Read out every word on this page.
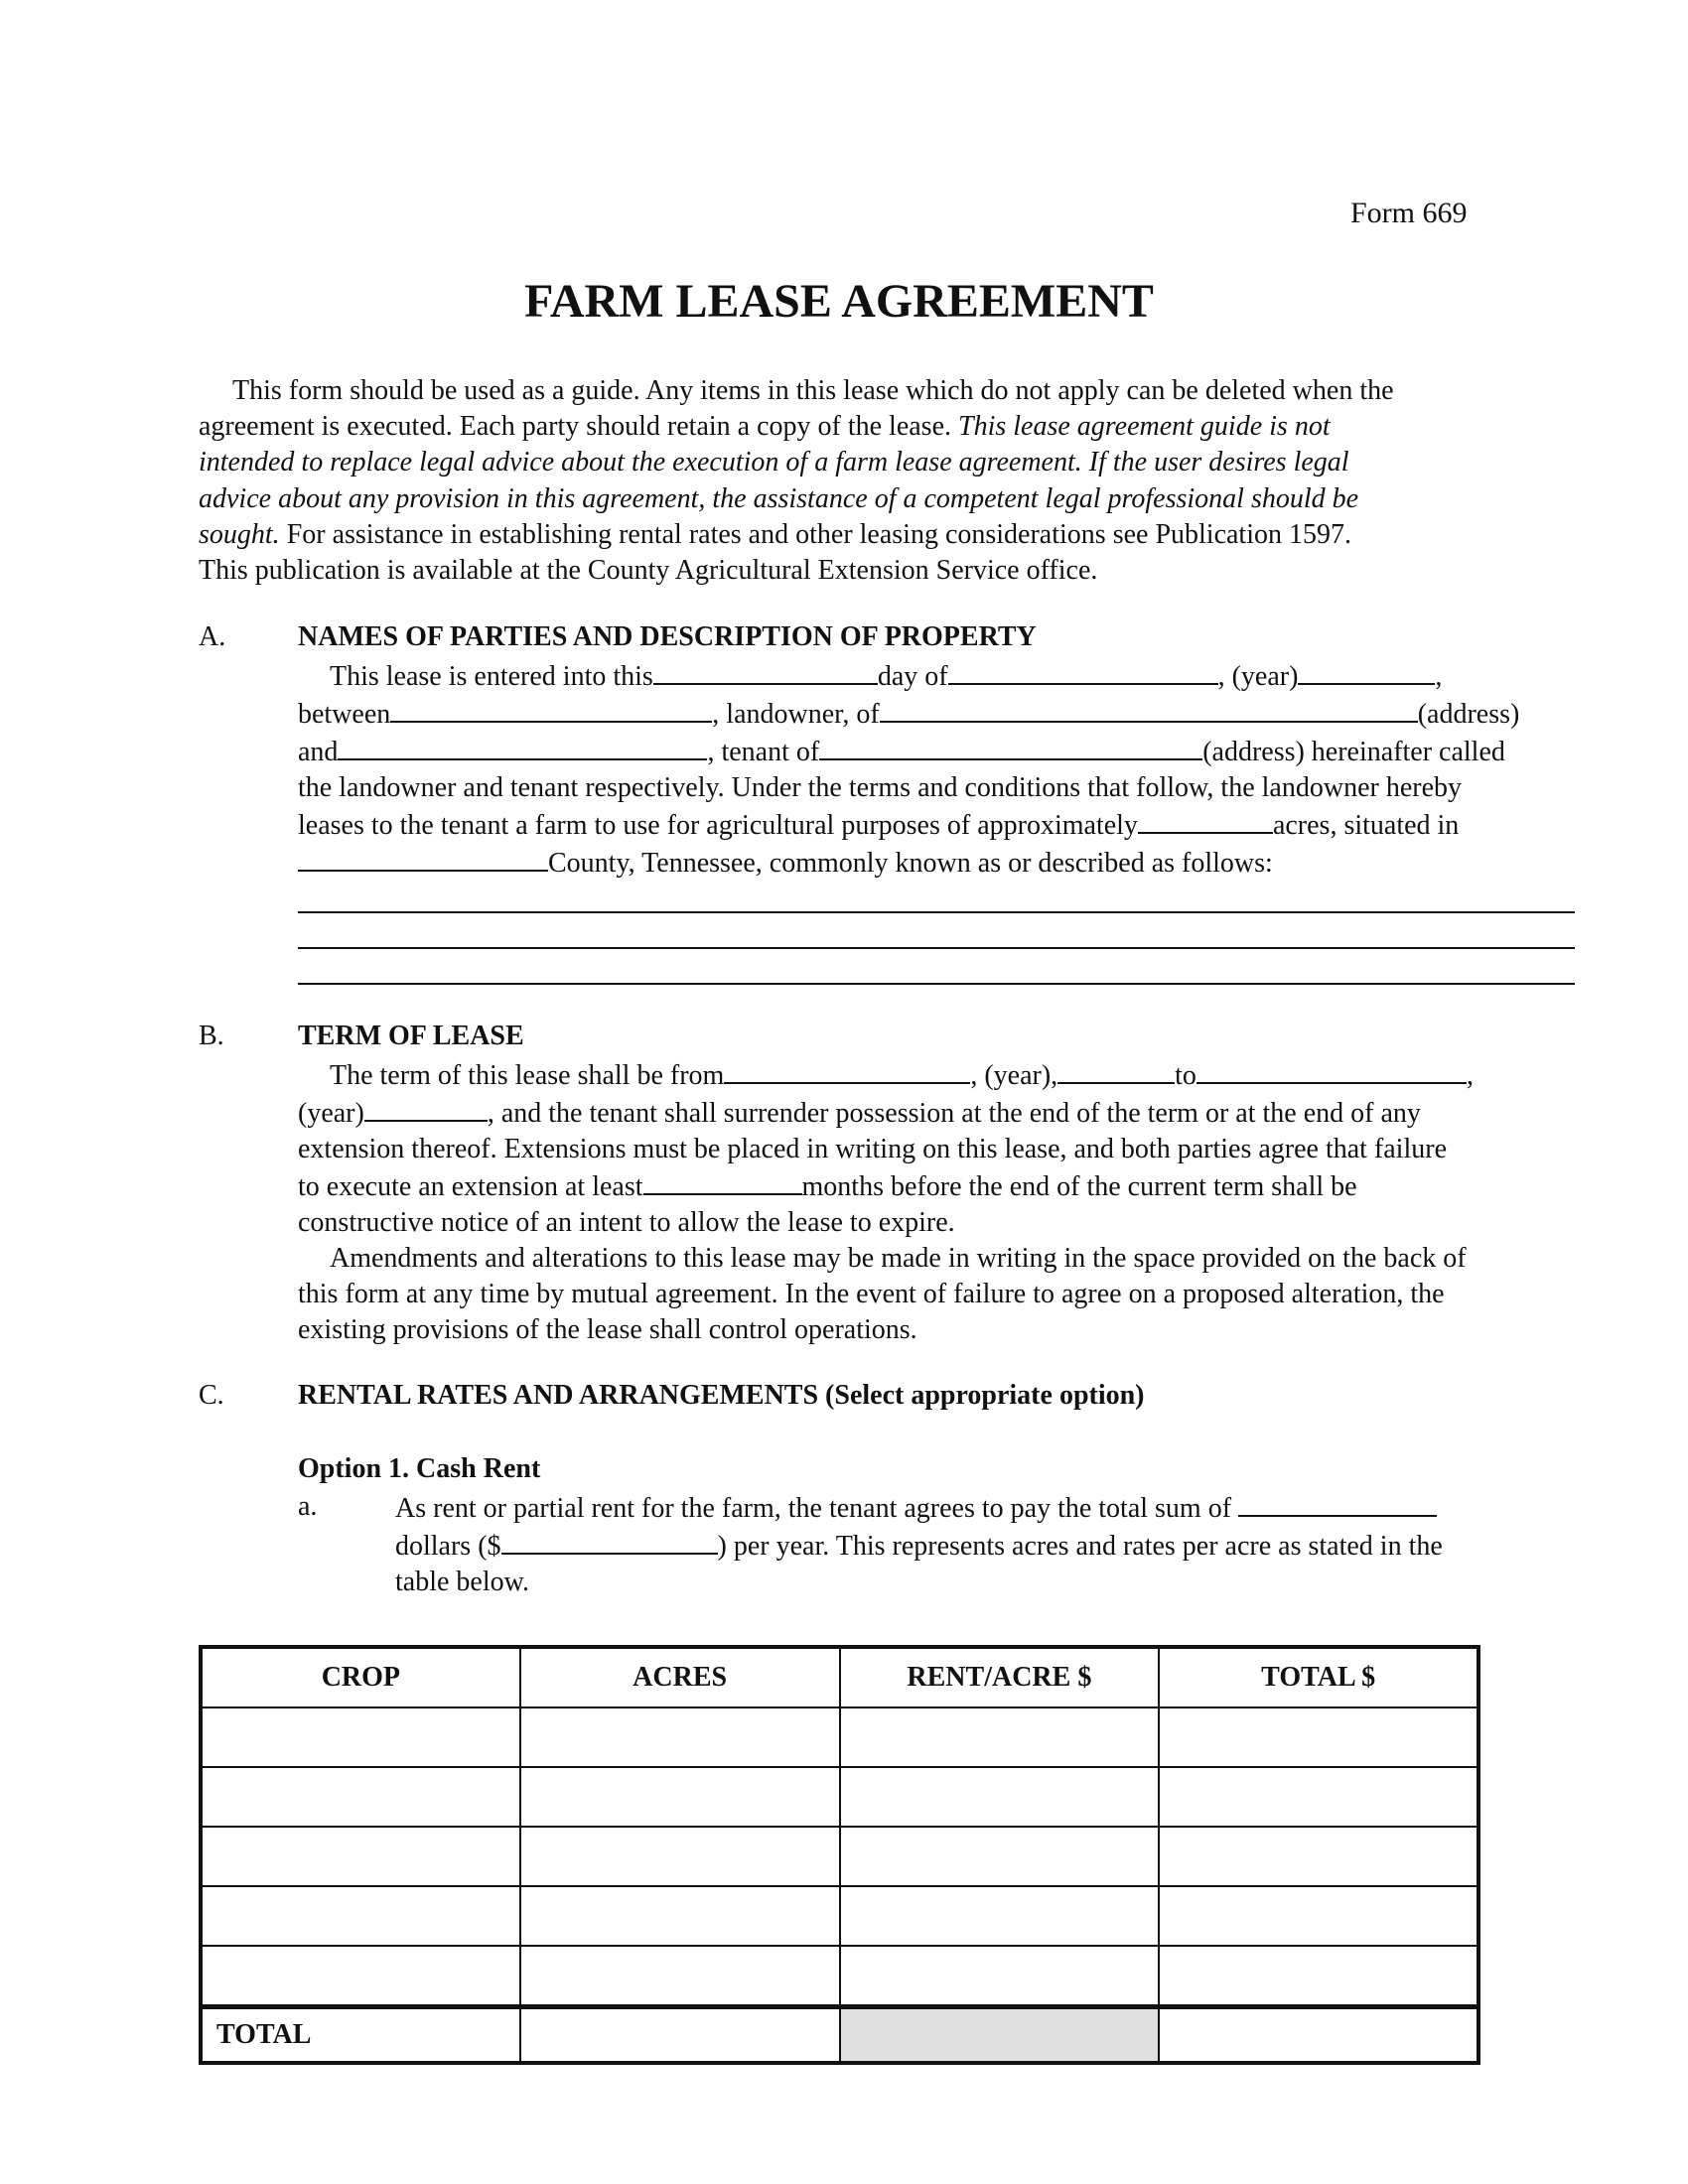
Form 669
FARM LEASE AGREEMENT
This form should be used as a guide. Any items in this lease which do not apply can be deleted when the
agreement is executed. Each party should retain a copy of the lease. This lease agreement guide is not
intended to replace legal advice about the execution of a farm lease agreement. If the user desires legal
advice about any provision in this agreement, the assistance of a competent legal professional should be
sought. For assistance in establishing rental rates and other leasing considerations see Publication 1597.
This publication is available at the County Agricultural Extension Service office.
A.	NAMES OF PARTIES AND DESCRIPTION OF PROPERTY
This lease is entered into this	day of	, (year)	,
between	, landowner, of	(address)
and	, tenant of	(address) hereinafter called
the landowner and tenant respectively. Under the terms and conditions that follow, the landowner hereby
leases to the tenant a farm to use for agricultural purposes of approximately	acres, situated in
County, Tennessee, commonly known as or described as follows:
B.	TERM OF LEASE
The term of this lease shall be from	, (year),	to	,
(year)	, and the tenant shall surrender possession at the end of the term or at the end of any
extension thereof. Extensions must be placed in writing on this lease, and both parties agree that failure
to execute an extension at least	months before the end of the current term shall be
constructive notice of an intent to allow the lease to expire.
Amendments and alterations to this lease may be made in writing in the space provided on the back of
this form at any time by mutual agreement. In the event of failure to agree on a proposed alteration, the
existing provisions of the lease shall control operations.
C.	RENTAL RATES AND ARRANGEMENTS (Select appropriate option)
Option 1. Cash Rent
a.	As rent or partial rent for the farm, the tenant agrees to pay the total sum of
dollars ($	) per year. This represents acres and rates per acre as stated in the
table below.
CROP	ACRES	RENT/ACRE $	TOTAL $

TOTAL			
